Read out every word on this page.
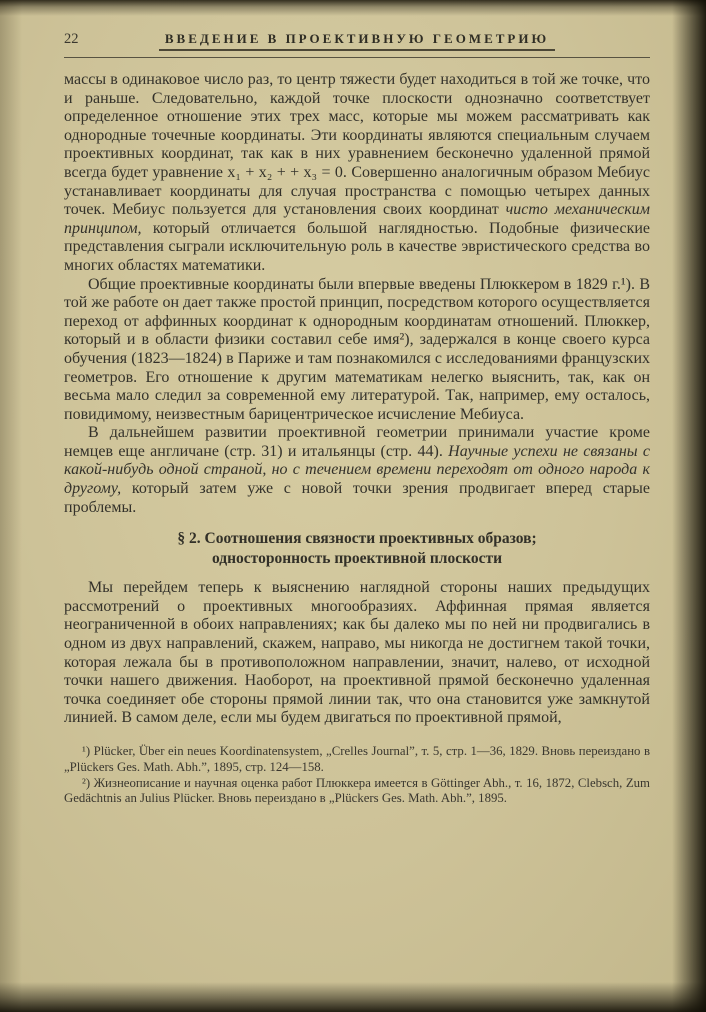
22	ВВЕДЕНИЕ В ПРОЕКТИВНУЮ ГЕОМЕТРИЮ

массы в одинаковое число раз, то центр тяжести будет находиться в той же точке, что и раньше. Следовательно, каждой точке плоскости однозначно соответствует определенное отношение этих трех масс, которые мы можем рассматривать как однородные точечные координаты. Эти координаты являются специальным случаем проективных координат, так как в них уравнением бесконечно удаленной прямой всегда будет уравнение x₁ + x₂ + + x₃ = 0. Совершенно аналогичным образом Мебиус устанавливает координаты для случая пространства с помощью четырех данных точек. Мебиус пользуется для установления своих координат чисто механическим принципом, который отличается большой наглядностью. Подобные физические представления сыграли исключительную роль в качестве эвристического средства во многих областях математики.

Общие проективные координаты были впервые введены Плюккером в 1829 г.¹). В той же работе он дает также простой принцип, посредством которого осуществляется переход от аффинных координат к однородным координатам отношений. Плюккер, который и в области физики составил себе имя²), задержался в конце своего курса обучения (1823—1824) в Париже и там познакомился с исследованиями французских геометров. Его отношение к другим математикам нелегко выяснить, так, как он весьма мало следил за современной ему литературой. Так, например, ему осталось, повидимому, неизвестным барицентрическое исчисление Мебиуса.

В дальнейшем развитии проективной геометрии принимали участие кроме немцев еще англичане (стр. 31) и итальянцы (стр. 44). Научные успехи не связаны с какой-нибудь одной страной, но с течением времени переходят от одного народа к другому, который затем уже с новой точки зрения продвигает вперед старые проблемы.

§ 2. Соотношения связности проективных образов;
односторонность проективной плоскости

Мы перейдем теперь к выяснению наглядной стороны наших предыдущих рассмотрений о проективных многообразиях. Аффинная прямая является неограниченной в обоих направлениях; как бы далеко мы по ней ни продвигались в одном из двух направлений, скажем, направо, мы никогда не достигнем такой точки, которая лежала бы в противоположном направлении, значит, налево, от исходной точки нашего движения. Наоборот, на проективной прямой бесконечно удаленная точка соединяет обе стороны прямой линии так, что она становится уже замкнутой линией. В самом деле, если мы будем двигаться по проективной прямой,

¹) Plücker, Über ein neues Koordinatensystem, „Crelles Journal”, т. 5, стр. 1—36, 1829. Вновь переиздано в „Plückers Ges. Math. Abh.”, 1895, стр. 124—158.

²) Жизнеописание и научная оценка работ Плюккера имеется в Göttinger Abh., т. 16, 1872, Clebsch, Zum Gedächtnis an Julius Plücker. Вновь переиздано в „Plückers Ges. Math. Abh.”, 1895.
